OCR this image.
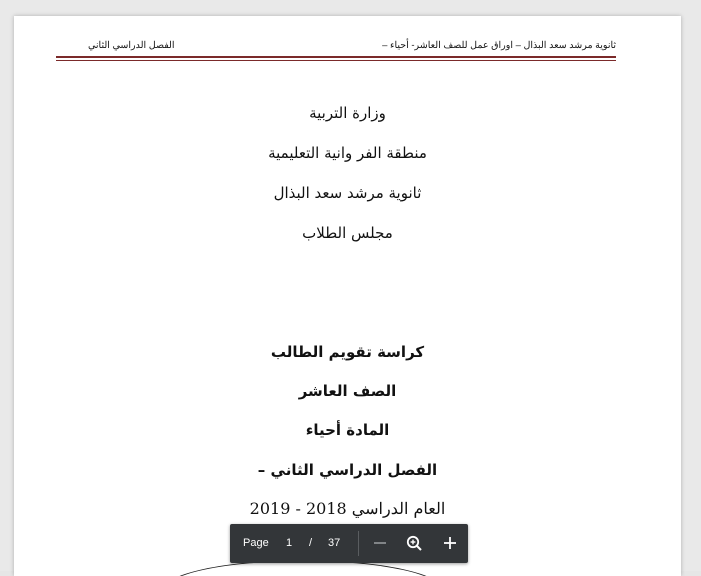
الفصل الدراسي الثاني	ثانوية مرشد سعد البذال – اوراق عمل للصف العاشر- أحياء –
وزارة التربية
منطقة الفر وانية التعليمية
ثانوية مرشد سعد البذال
مجلس الطلاب
كراسة تقويم الطالب
الصف العاشر
المادة أحياء
الفصل الدراسي الثاني –
العام الدراسي 2018 - 2019
Page	1	/ 37
